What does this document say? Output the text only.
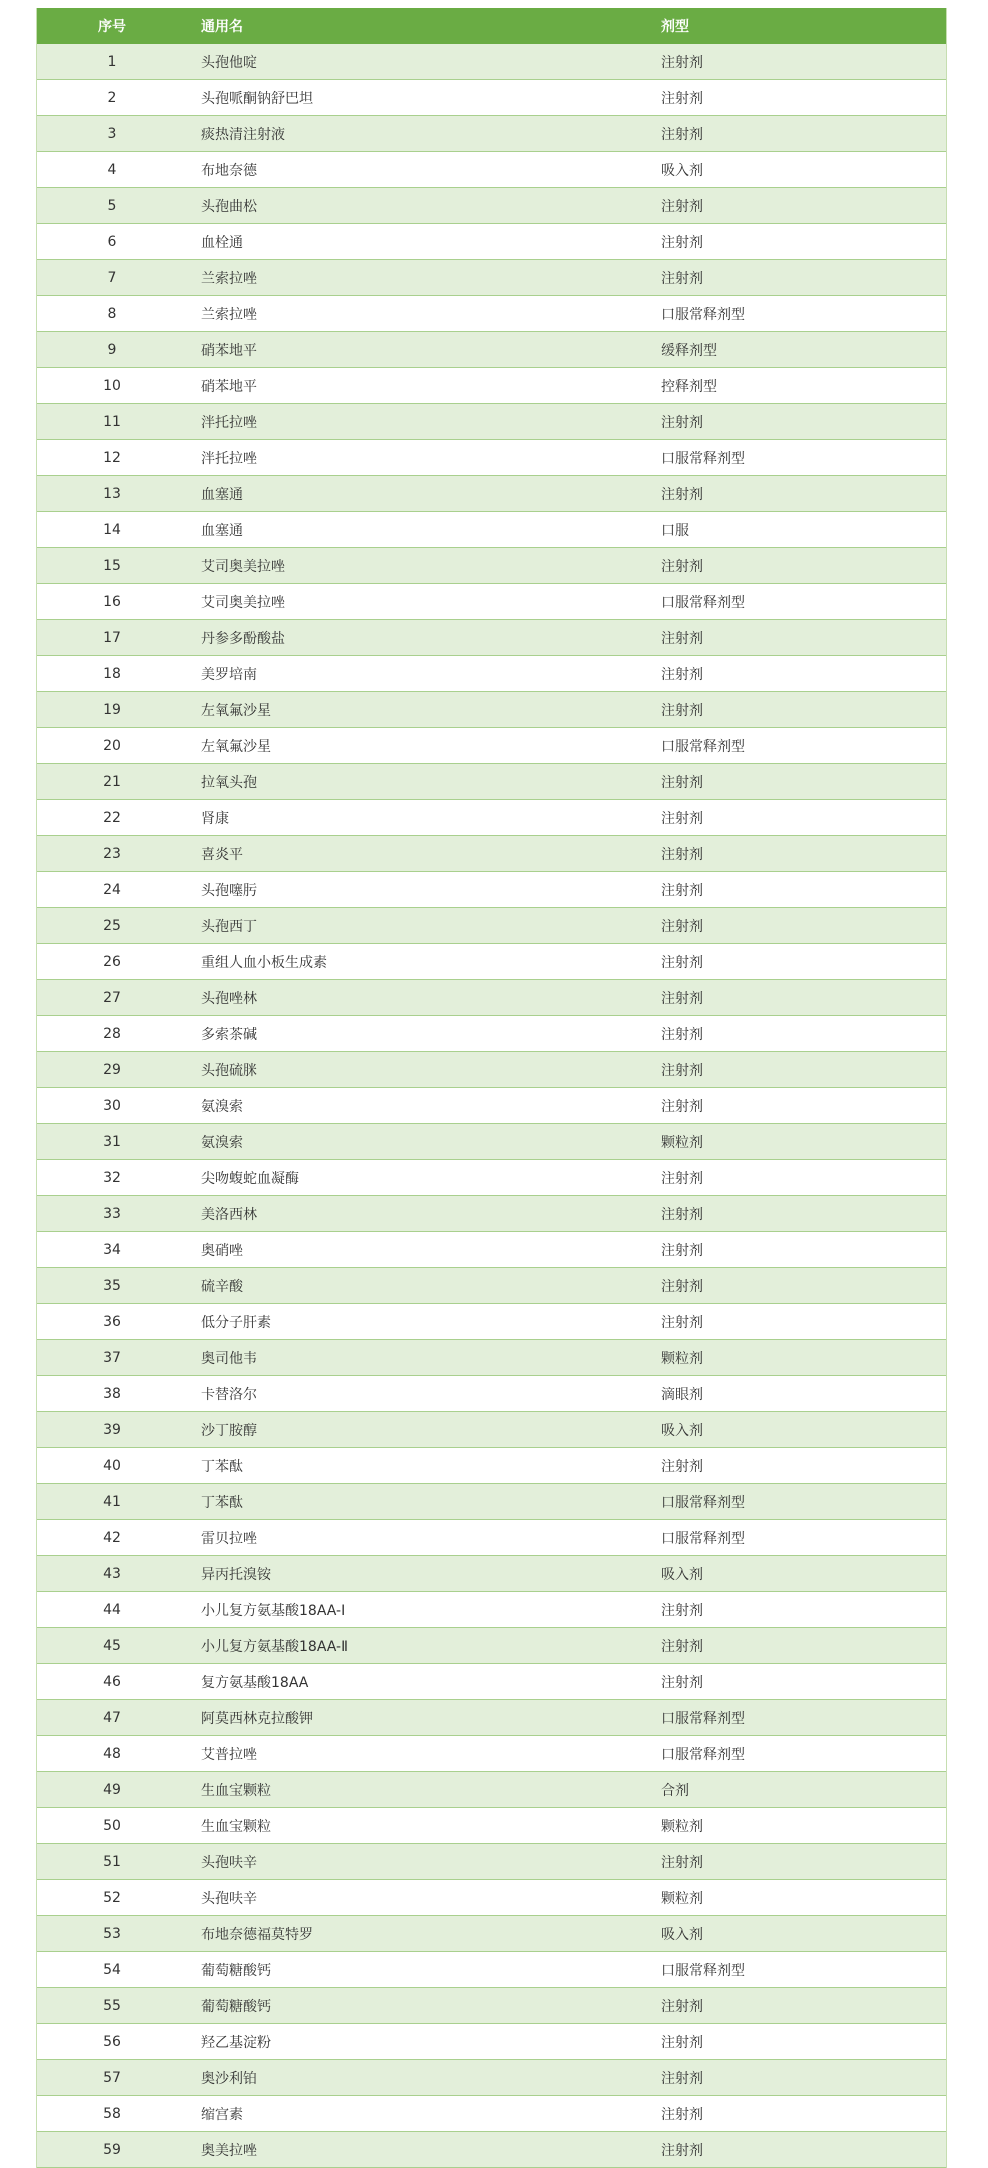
序号	通用名	剂型
1	头孢他啶	注射剂
2	头孢哌酮钠舒巴坦	注射剂
3	痰热清注射液	注射剂
4	布地奈德	吸入剂
5	头孢曲松	注射剂
6	血栓通	注射剂
7	兰索拉唑	注射剂
8	兰索拉唑	口服常释剂型
9	硝苯地平	缓释剂型
10	硝苯地平	控释剂型
11	泮托拉唑	注射剂
12	泮托拉唑	口服常释剂型
13	血塞通	注射剂
14	血塞通	口服
15	艾司奥美拉唑	注射剂
16	艾司奥美拉唑	口服常释剂型
17	丹参多酚酸盐	注射剂
18	美罗培南	注射剂
19	左氧氟沙星	注射剂
20	左氧氟沙星	口服常释剂型
21	拉氧头孢	注射剂
22	肾康	注射剂
23	喜炎平	注射剂
24	头孢噻肟	注射剂
25	头孢西丁	注射剂
26	重组人血小板生成素	注射剂
27	头孢唑林	注射剂
28	多索茶碱	注射剂
29	头孢硫脒	注射剂
30	氨溴索	注射剂
31	氨溴索	颗粒剂
32	尖吻蝮蛇血凝酶	注射剂
33	美洛西林	注射剂
34	奥硝唑	注射剂
35	硫辛酸	注射剂
36	低分子肝素	注射剂
37	奥司他韦	颗粒剂
38	卡替洛尔	滴眼剂
39	沙丁胺醇	吸入剂
40	丁苯酞	注射剂
41	丁苯酞	口服常释剂型
42	雷贝拉唑	口服常释剂型
43	异丙托溴铵	吸入剂
44	小儿复方氨基酸18AA-Ⅰ	注射剂
45	小儿复方氨基酸18AA-Ⅱ	注射剂
46	复方氨基酸18AA	注射剂
47	阿莫西林克拉酸钾	口服常释剂型
48	艾普拉唑	口服常释剂型
49	生血宝颗粒	合剂
50	生血宝颗粒	颗粒剂
51	头孢呋辛	注射剂
52	头孢呋辛	颗粒剂
53	布地奈德福莫特罗	吸入剂
54	葡萄糖酸钙	口服常释剂型
55	葡萄糖酸钙	注射剂
56	羟乙基淀粉	注射剂
57	奥沙利铂	注射剂
58	缩宫素	注射剂
59	奥美拉唑	注射剂
